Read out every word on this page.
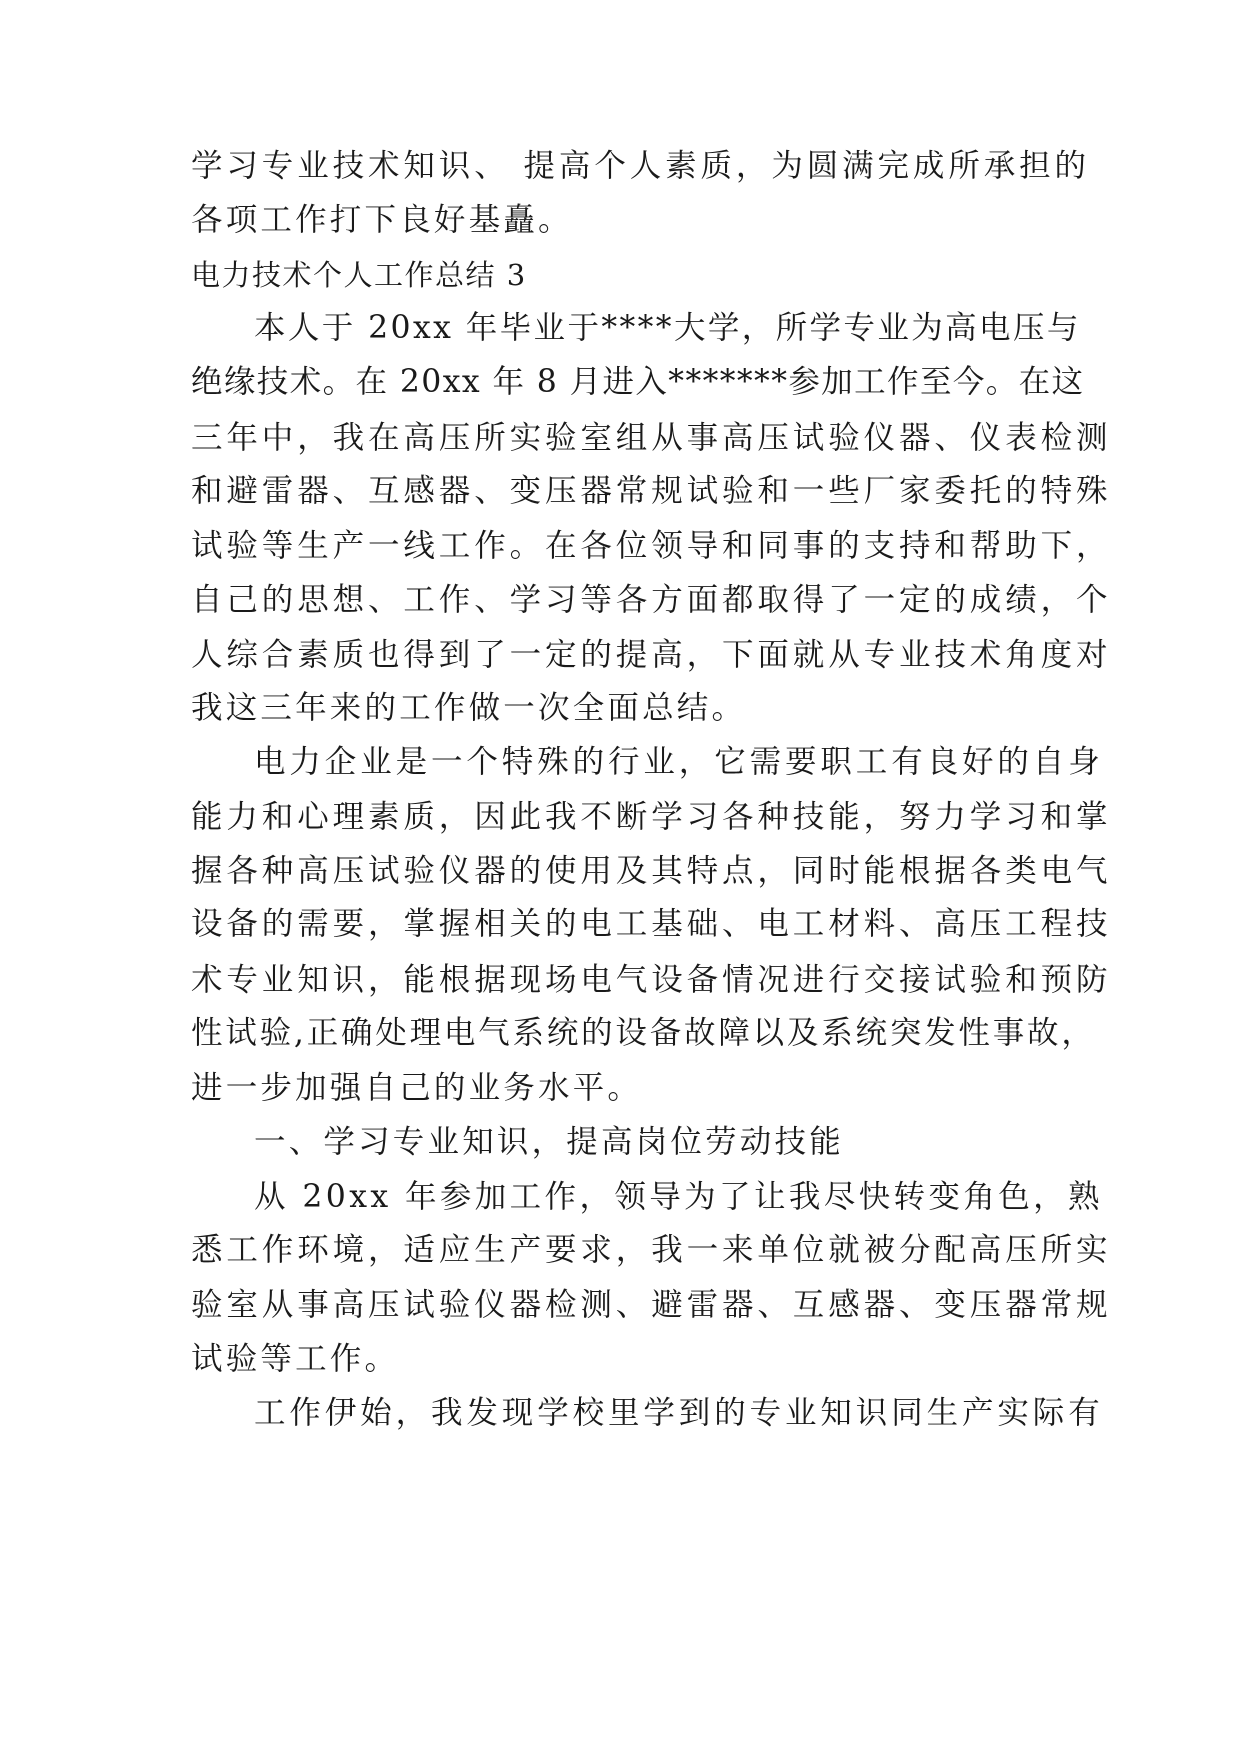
学习专业技术知识、 提高个人素质，为圆满完成所承担的
各项工作打下良好基矗。
电力技术个人工作总结 3
本人于 20xx 年毕业于****大学，所学专业为高电压与
绝缘技术。在 20xx 年 8 月进入*******参加工作至今。在这
三年中，我在高压所实验室组从事高压试验仪器、仪表检测
和避雷器、互感器、变压器常规试验和一些厂家委托的特殊
试验等生产一线工作。在各位领导和同事的支持和帮助下，
自己的思想、工作、学习等各方面都取得了一定的成绩，个
人综合素质也得到了一定的提高，下面就从专业技术角度对
我这三年来的工作做一次全面总结。
电力企业是一个特殊的行业，它需要职工有良好的自身
能力和心理素质，因此我不断学习各种技能，努力学习和掌
握各种高压试验仪器的使用及其特点，同时能根据各类电气
设备的需要，掌握相关的电工基础、电工材料、高压工程技
术专业知识，能根据现场电气设备情况进行交接试验和预防
性试验,正确处理电气系统的设备故障以及系统突发性事故，
进一步加强自己的业务水平。
一、学习专业知识，提高岗位劳动技能
从 20xx 年参加工作，领导为了让我尽快转变角色，熟
悉工作环境，适应生产要求，我一来单位就被分配高压所实
验室从事高压试验仪器检测、避雷器、互感器、变压器常规
试验等工作。
工作伊始，我发现学校里学到的专业知识同生产实际有
